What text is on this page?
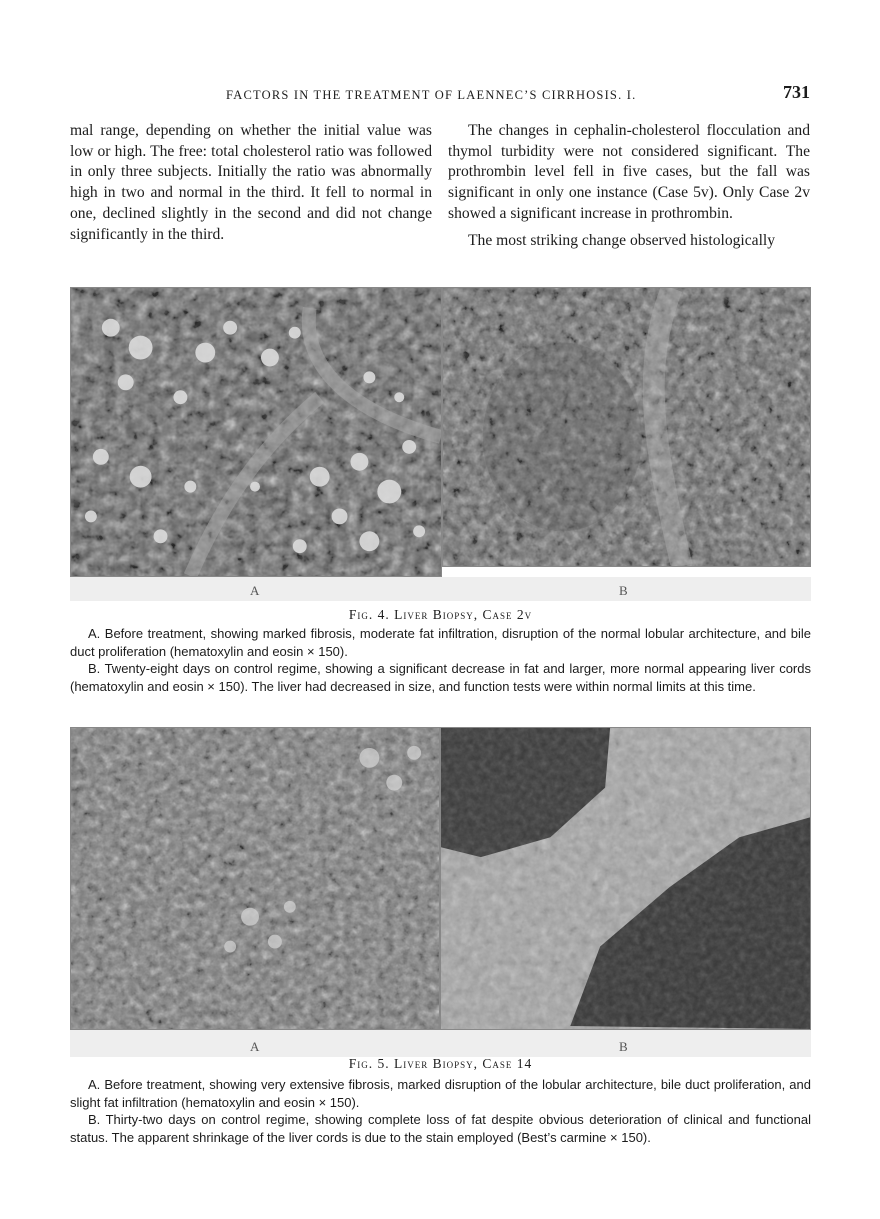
FACTORS IN THE TREATMENT OF LAENNEC’S CIRRHOSIS. I.	731

mal range, depending on whether the initial value was low or high. The free: total cholesterol ratio was followed in only three subjects. Initially the ratio was abnormally high in two and normal in the third. It fell to normal in one, declined slightly in the second and did not change significantly in the third.

The changes in cephalin-cholesterol flocculation and thymol turbidity were not considered significant. The prothrombin level fell in five cases, but the fall was significant in only one instance (Case 5v). Only Case 2v showed a significant increase in prothrombin.

The most striking change observed histologically

A	B
Fig. 4. Liver Biopsy, Case 2v

A. Before treatment, showing marked fibrosis, moderate fat infiltration, disruption of the normal lobular architecture, and bile duct proliferation (hematoxylin and eosin × 150).

B. Twenty-eight days on control regime, showing a significant decrease in fat and larger, more normal appearing liver cords (hematoxylin and eosin × 150). The liver had decreased in size, and function tests were within normal limits at this time.

A	B
Fig. 5. Liver Biopsy, Case 14

A. Before treatment, showing very extensive fibrosis, marked disruption of the lobular architecture, bile duct proliferation, and slight fat infiltration (hematoxylin and eosin × 150).

B. Thirty-two days on control regime, showing complete loss of fat despite obvious deterioration of clinical and functional status. The apparent shrinkage of the liver cords is due to the stain employed (Best’s carmine × 150).
